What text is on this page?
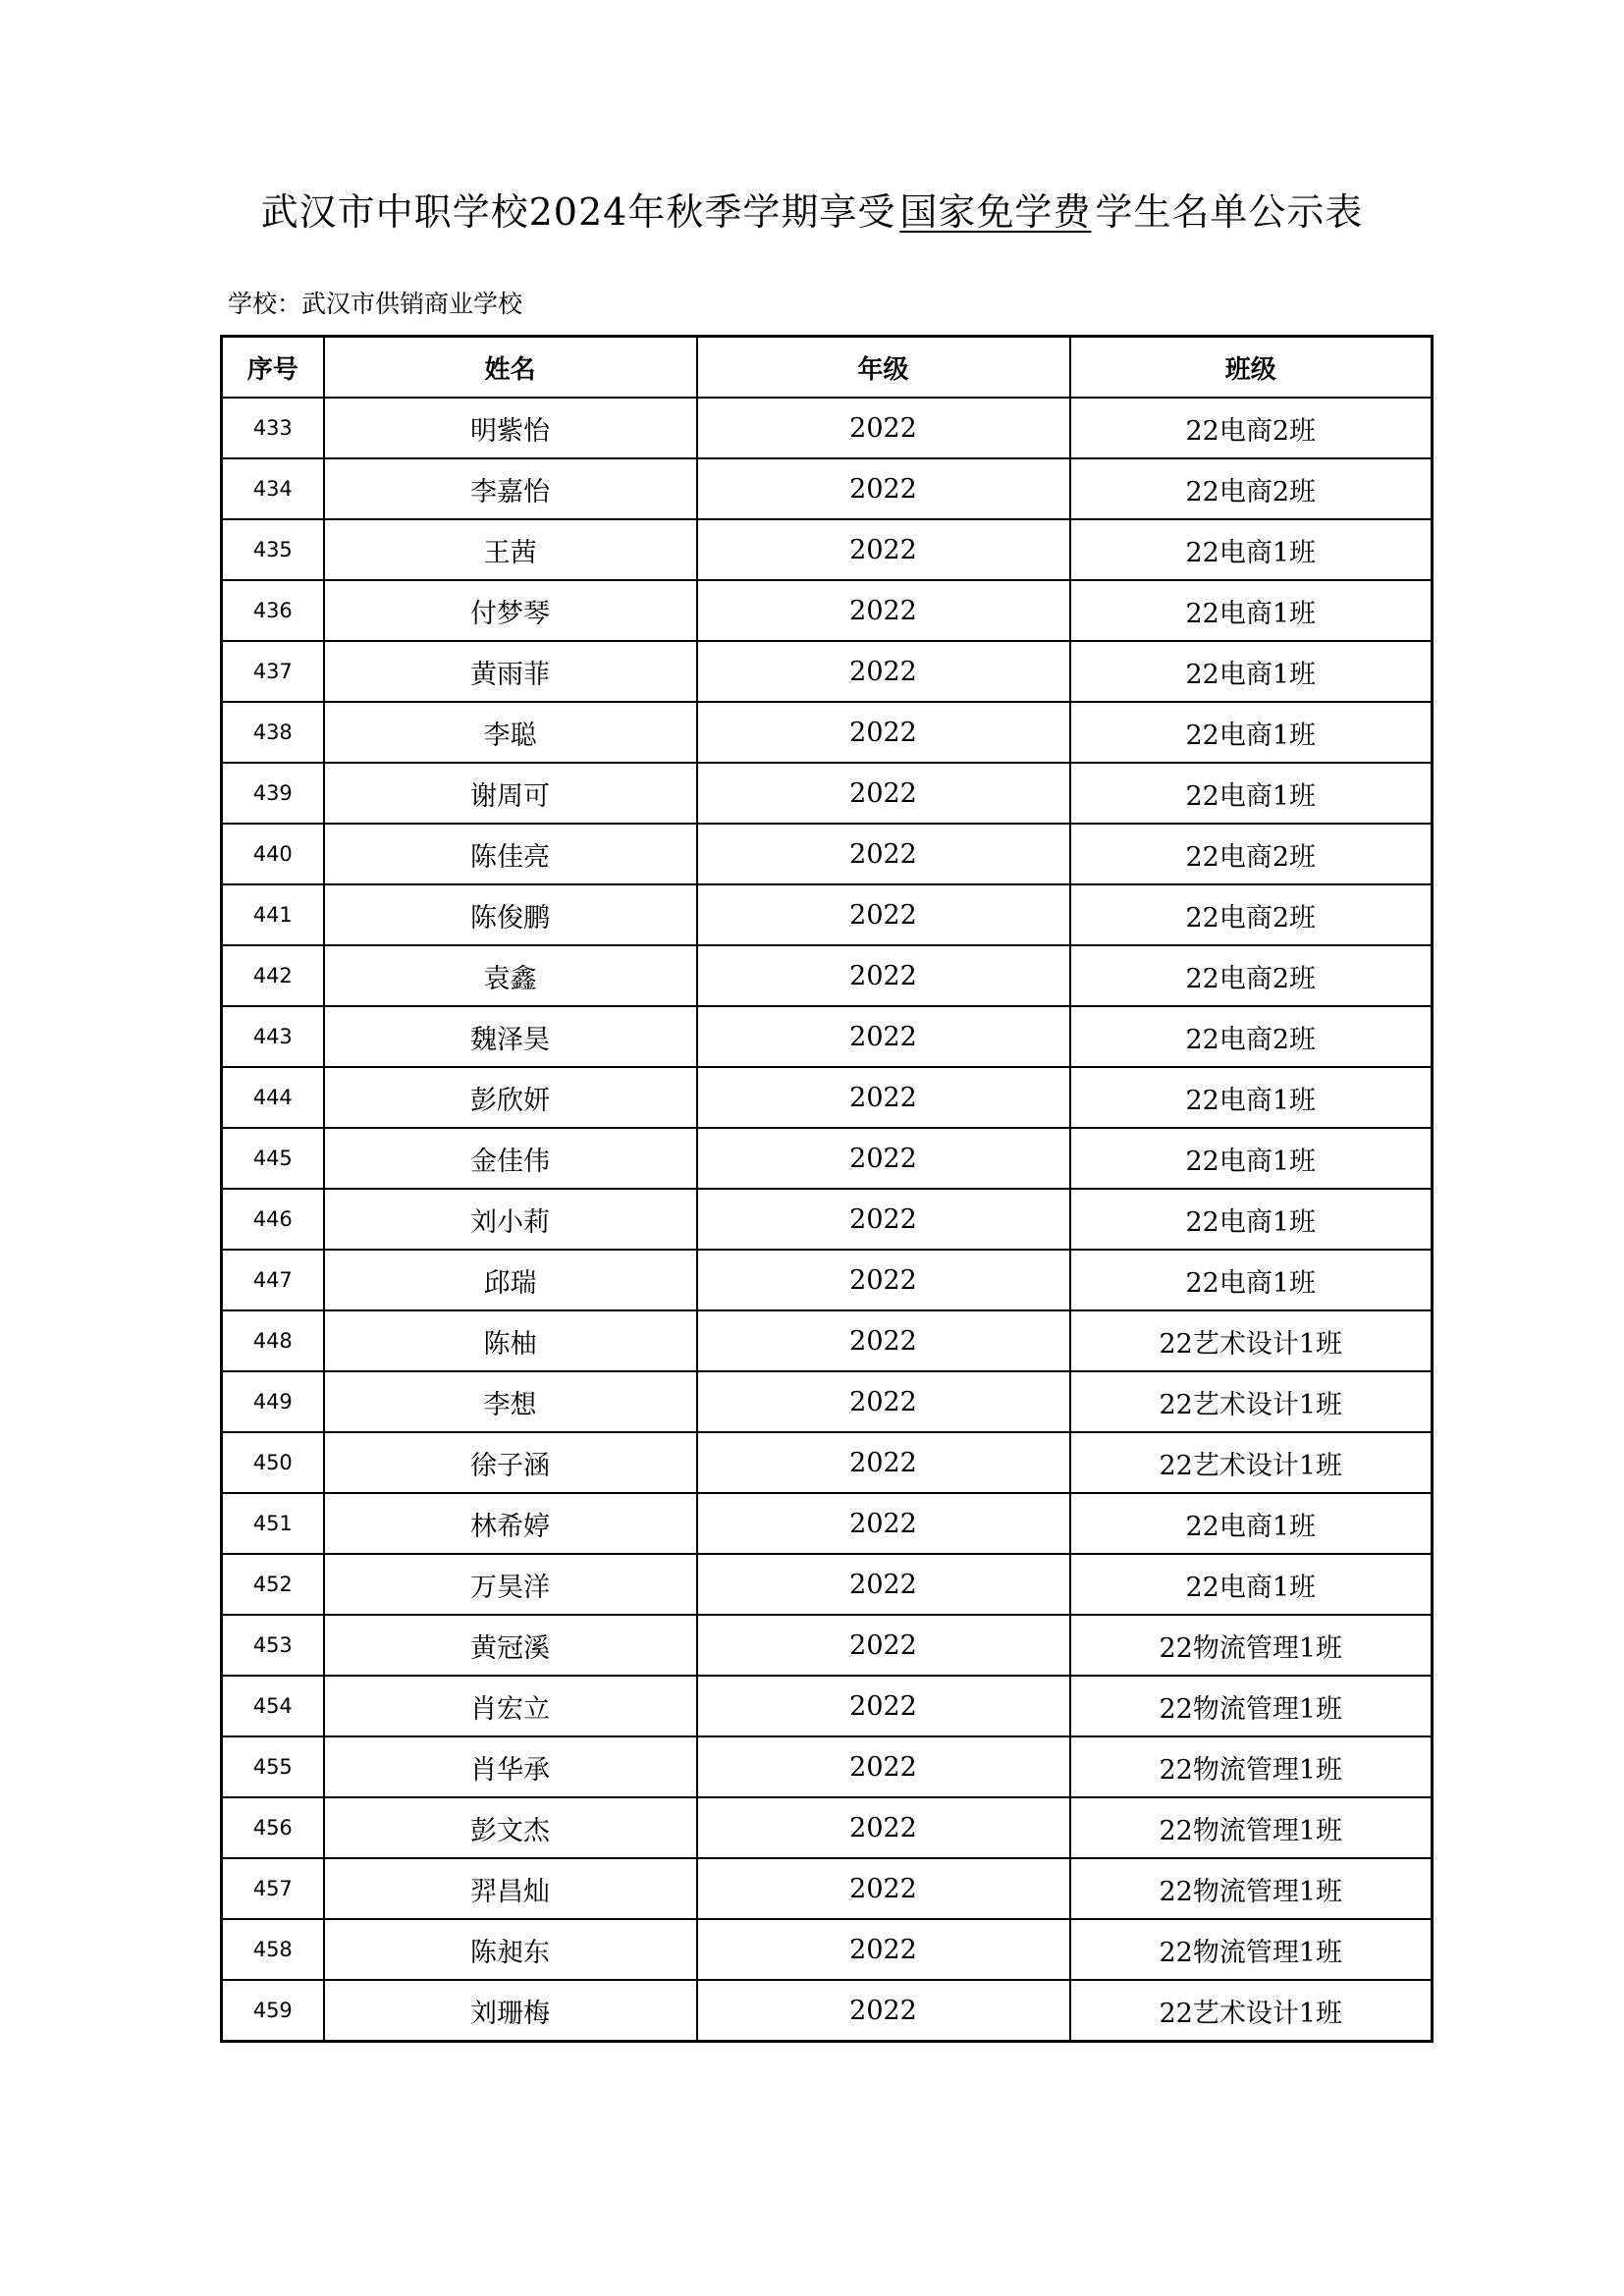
武汉市中职学校2024年秋季学期享受 国家免学费 学生名单公示表
学校：武汉市供销商业学校
序号	姓名	年级	班级
433	明紫怡	2022	22电商2班
434	李嘉怡	2022	22电商2班
435	王茜	2022	22电商1班
436	付梦琴	2022	22电商1班
437	黄雨菲	2022	22电商1班
438	李聪	2022	22电商1班
439	谢周可	2022	22电商1班
440	陈佳亮	2022	22电商2班
441	陈俊鹏	2022	22电商2班
442	袁鑫	2022	22电商2班
443	魏泽昊	2022	22电商2班
444	彭欣妍	2022	22电商1班
445	金佳伟	2022	22电商1班
446	刘小莉	2022	22电商1班
447	邱瑞	2022	22电商1班
448	陈柚	2022	22艺术设计1班
449	李想	2022	22艺术设计1班
450	徐子涵	2022	22艺术设计1班
451	林希婷	2022	22电商1班
452	万昊洋	2022	22电商1班
453	黄冠溪	2022	22物流管理1班
454	肖宏立	2022	22物流管理1班
455	肖华承	2022	22物流管理1班
456	彭文杰	2022	22物流管理1班
457	羿昌灿	2022	22物流管理1班
458	陈昶东	2022	22物流管理1班
459	刘珊梅	2022	22艺术设计1班
